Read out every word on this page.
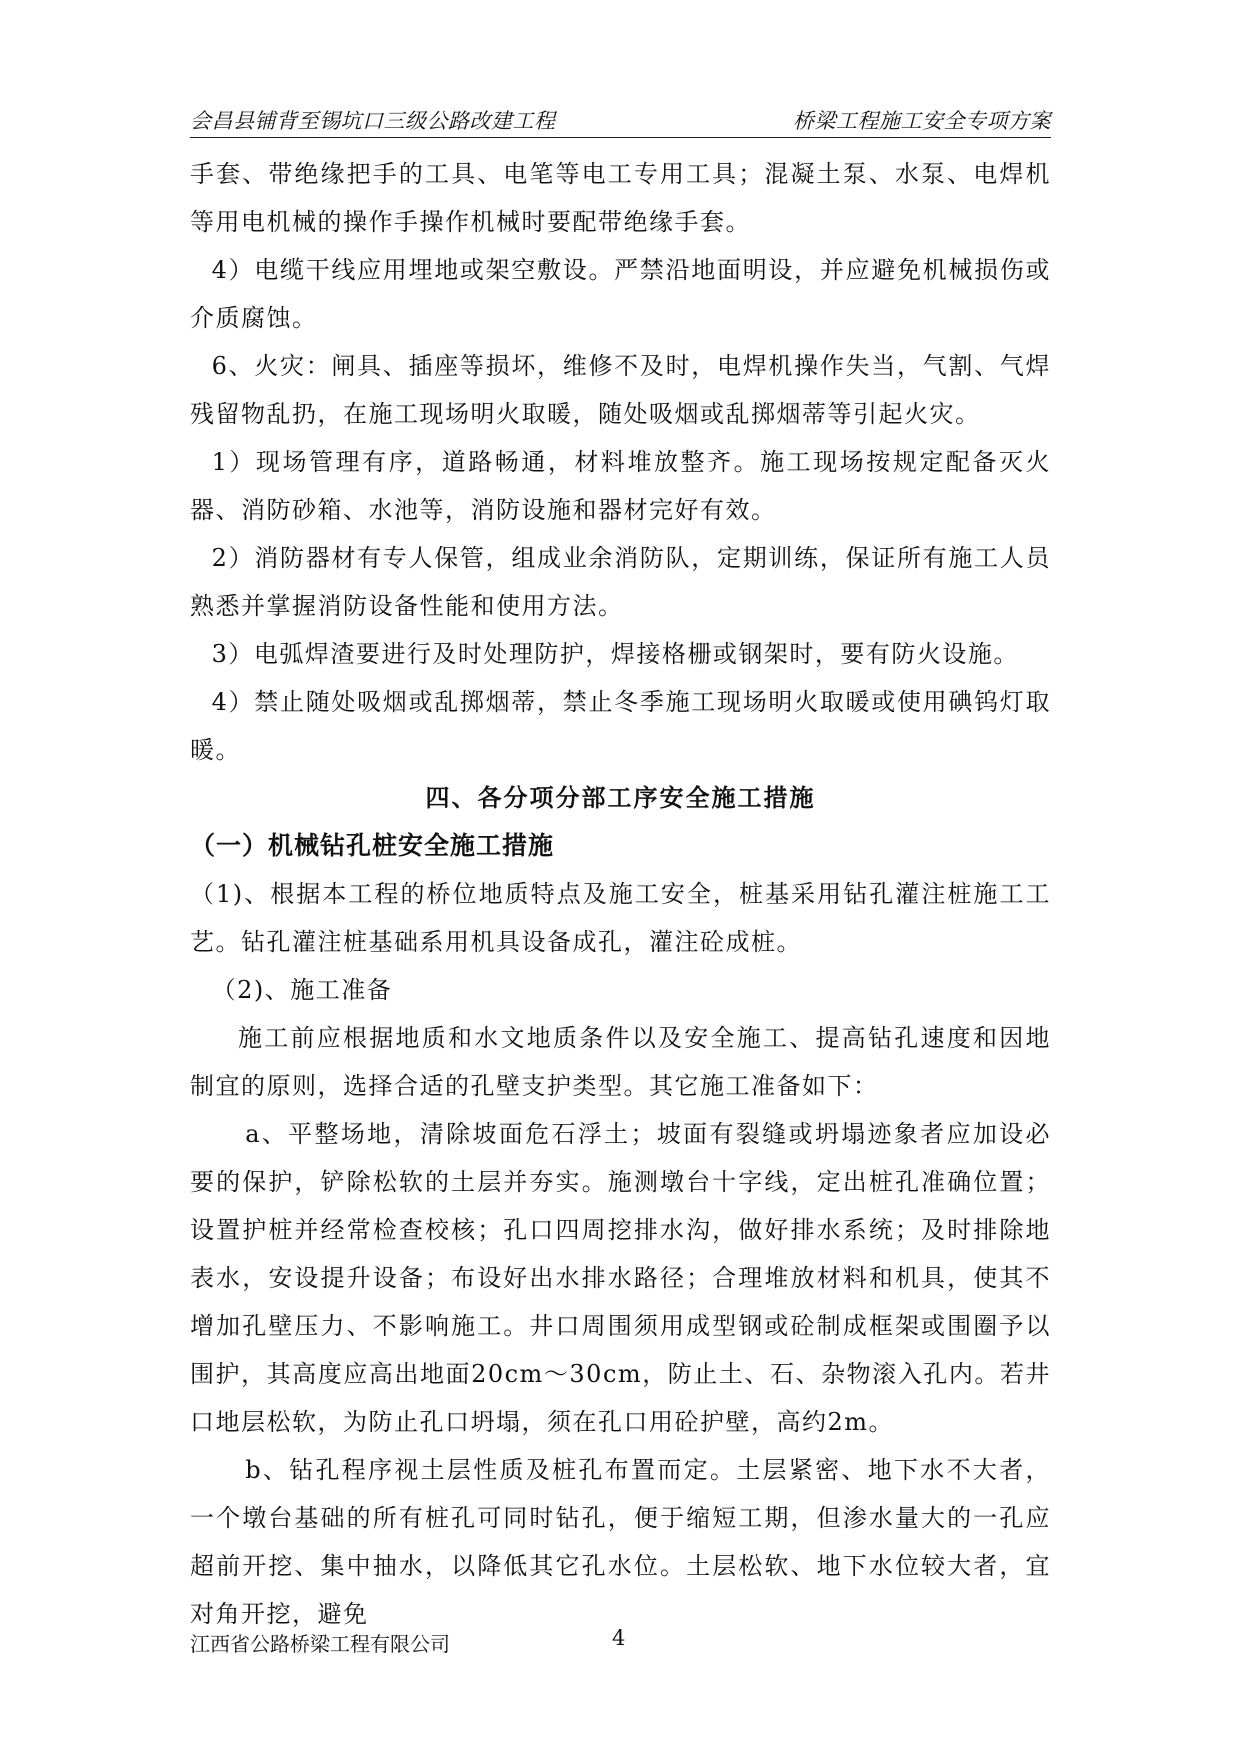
会昌县铺背至锡坑口三级公路改建工程	桥梁工程施工安全专项方案

手套、带绝缘把手的工具、电笔等电工专用工具；混凝土泵、水泵、电焊机等用电机械的操作手操作机械时要配带绝缘手套。

4）电缆干线应用埋地或架空敷设。严禁沿地面明设，并应避免机械损伤或介质腐蚀。

6、火灾：闸具、插座等损坏，维修不及时，电焊机操作失当，气割、气焊残留物乱扔，在施工现场明火取暖，随处吸烟或乱掷烟蒂等引起火灾。

1）现场管理有序，道路畅通，材料堆放整齐。施工现场按规定配备灭火器、消防砂箱、水池等，消防设施和器材完好有效。

2）消防器材有专人保管，组成业余消防队，定期训练，保证所有施工人员熟悉并掌握消防设备性能和使用方法。

3）电弧焊渣要进行及时处理防护，焊接格栅或钢架时，要有防火设施。

4）禁止随处吸烟或乱掷烟蒂，禁止冬季施工现场明火取暖或使用碘钨灯取暖。

四、各分项分部工序安全施工措施

（一）机械钻孔桩安全施工措施

（1)、根据本工程的桥位地质特点及施工安全，桩基采用钻孔灌注桩施工工艺。钻孔灌注桩基础系用机具设备成孔，灌注砼成桩。

（2)、施工准备

施工前应根据地质和水文地质条件以及安全施工、提高钻孔速度和因地制宜的原则，选择合适的孔壁支护类型。其它施工准备如下：

a、平整场地，清除坡面危石浮土；坡面有裂缝或坍塌迹象者应加设必要的保护，铲除松软的土层并夯实。施测墩台十字线，定出桩孔准确位置；设置护桩并经常检查校核；孔口四周挖排水沟，做好排水系统；及时排除地表水，安设提升设备；布设好出水排水路径；合理堆放材料和机具，使其不增加孔壁压力、不影响施工。井口周围须用成型钢或砼制成框架或围圈予以围护，其高度应高出地面20cm～30cm，防止土、石、杂物滚入孔内。若井口地层松软，为防止孔口坍塌，须在孔口用砼护壁，高约2m。

b、钻孔程序视土层性质及桩孔布置而定。土层紧密、地下水不大者，一个墩台基础的所有桩孔可同时钻孔，便于缩短工期，但渗水量大的一孔应超前开挖、集中抽水，以降低其它孔水位。土层松软、地下水位较大者，宜对角开挖，避免

江西省公路桥梁工程有限公司	4
